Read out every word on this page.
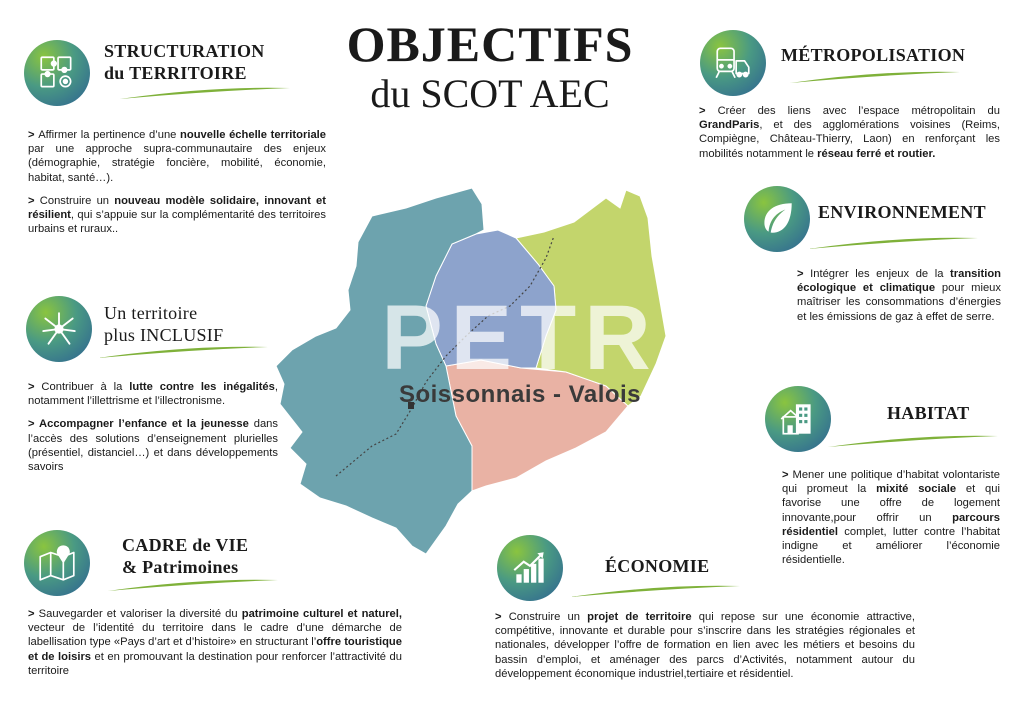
OBJECTIFS
du SCOT AEC
STRUCTURATION
du TERRITOIRE

> Affirmer la pertinence d’une nouvelle échelle territoriale par une approche supra-communautaire des enjeux (démographie, stratégie foncière, mobilité, économie, habitat, santé…).

> Construire un nouveau modèle solidaire, innovant et résilient, qui s’appuie sur la complémentarité des territoires urbains et ruraux..

Un territoire
plus INCLUSIF

> Contribuer à la lutte contre les inégalités, notamment l’illettrisme et l’illectronisme.

> Accompagner l’enfance et la jeunesse dans l’accès des solutions d’enseignement plurielles (présentiel, distanciel…) et dans développements savoirs

CADRE de VIE
& Patrimoines

> Sauvegarder et valoriser la diversité du patrimoine culturel et naturel, vecteur de l’identité du territoire dans le cadre d’une démarche de labellisation type «Pays d’art et d’histoire» en structurant l’offre touristique et de loisirs et en promouvant la destination pour renforcer l’attractivité du territoire

MÉTROPOLISATION

> Créer des liens avec l’espace métropolitain du GrandParis, et des agglomérations voisines (Reims, Compiègne, Château-Thierry, Laon) en renforçant les mobilités notamment le réseau ferré et routier.

ENVIRONNEMENT

> Intégrer les enjeux de la transition écologique et climatique pour mieux maîtriser les consommations d’énergies et les émissions de gaz à effet de serre.

HABITAT

> Mener une politique d’habitat volontariste qui promeut la mixité sociale et qui favorise une offre de logement innovante,pour offrir un parcours résidentiel complet, lutter contre l’habitat indigne et améliorer l’économie résidentielle.

ÉCONOMIE

> Construire un projet de territoire qui repose sur une économie attractive, compétitive, innovante et durable pour s’inscrire dans les stratégies régionales et nationales, développer l’offre de formation en lien avec les métiers et besoins du bassin d’emploi, et aménager des parcs d’Activités, notamment autour du développement économique industriel,tertiaire et résidentiel.

PETR
Soissonnais - Valois
